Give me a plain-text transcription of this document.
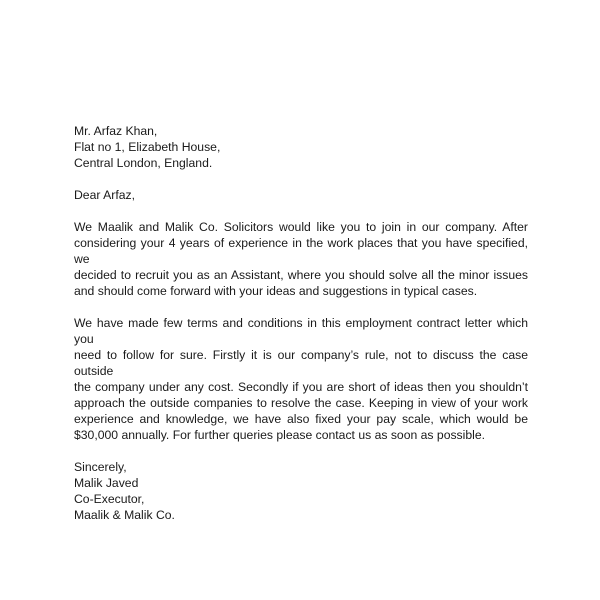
Mr. Arfaz Khan,
Flat no 1, Elizabeth House,
Central London, England.
Dear Arfaz,
We Maalik and Malik Co. Solicitors would like you to join in our company. After
considering your 4 years of experience in the work places that you have specified, we
decided to recruit you as an Assistant, where you should solve all the minor issues
and should come forward with your ideas and suggestions in typical cases.
We have made few terms and conditions in this employment contract letter which you
need to follow for sure. Firstly it is our company’s rule, not to discuss the case outside
the company under any cost. Secondly if you are short of ideas then you shouldn’t
approach the outside companies to resolve the case. Keeping in view of your work
experience and knowledge, we have also fixed your pay scale, which would be
$30,000 annually. For further queries please contact us as soon as possible.
Sincerely,
Malik Javed
Co-Executor,
Maalik & Malik Co.
